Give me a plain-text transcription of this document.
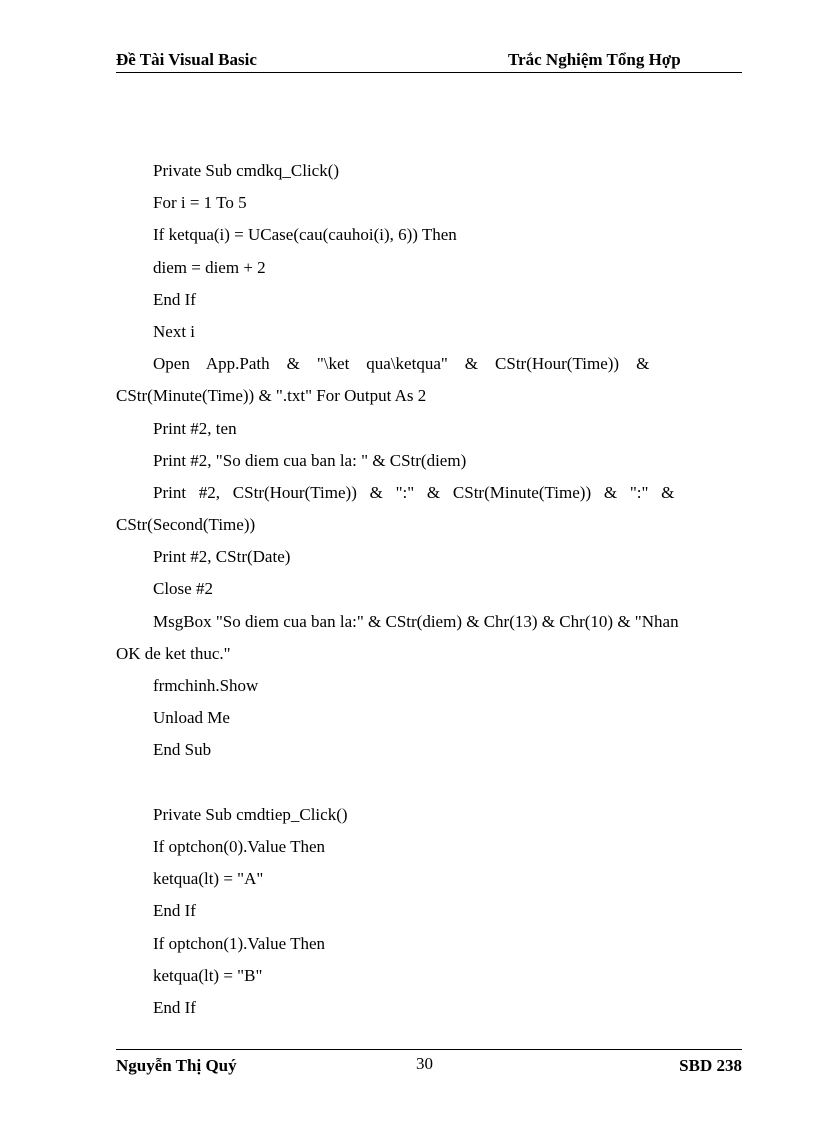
Đề Tài Visual Basic	Trắc Nghiệm Tổng Hợp
Private Sub cmdkq_Click()
For i = 1 To 5
If ketqua(i) = UCase(cau(cauhoi(i), 6)) Then
diem = diem + 2
End If
Next i
Open    App.Path    &    "\ket    qua\ketqua"    &    CStr(Hour(Time))    &
CStr(Minute(Time)) & ".txt" For Output As 2
Print #2, ten
Print #2, "So diem cua ban la: " & CStr(diem)
Print   #2,   CStr(Hour(Time))   &   ":"   &   CStr(Minute(Time))   &   ":"   &
CStr(Second(Time))
Print #2, CStr(Date)
Close #2
MsgBox "So diem cua ban la:" & CStr(diem) & Chr(13) & Chr(10) & "Nhan
OK de ket thuc."
frmchinh.Show
Unload Me
End Sub
Private Sub cmdtiep_Click()
If optchon(0).Value Then
ketqua(lt) = "A"
End If
If optchon(1).Value Then
ketqua(lt) = "B"
End If
Nguyễn Thị Quý	30	SBD 238
